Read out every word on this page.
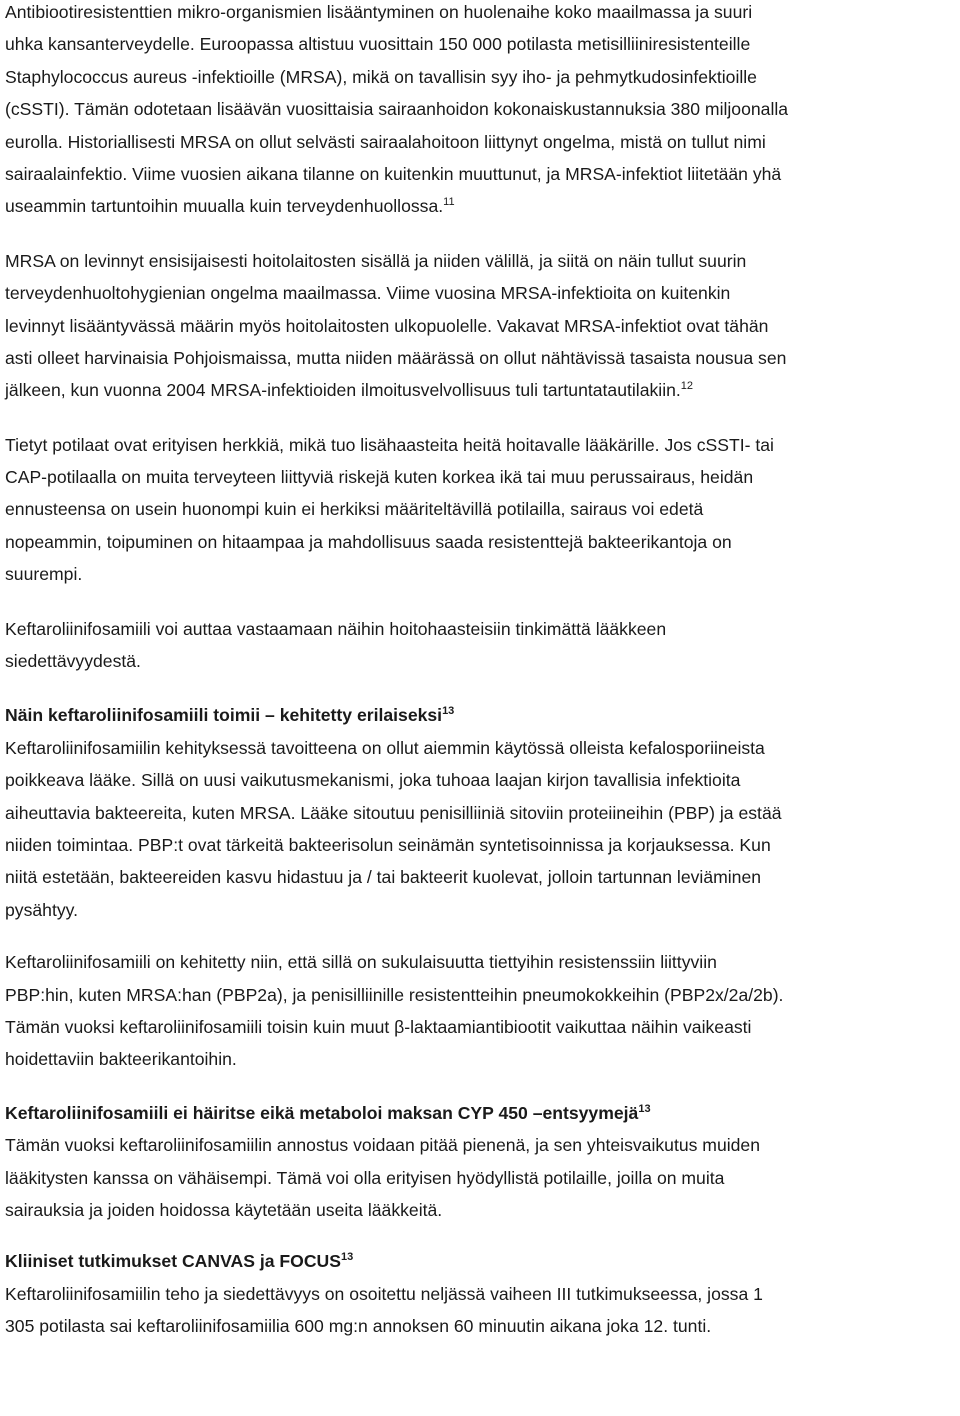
Antibiootiresistenttien mikro-organismien lisääntyminen on huolenaihe koko maailmassa ja suuri
uhka kansanterveydelle. Euroopassa altistuu vuosittain 150 000 potilasta metisilliiniresistenteille
Staphylococcus aureus -infektioille (MRSA), mikä on tavallisin syy iho- ja pehmytkudosinfektioille
(cSSTI). Tämän odotetaan lisäävän vuosittaisia sairaanhoidon kokonaiskustannuksia 380 miljoonalla
eurolla. Historiallisesti MRSA on ollut selvästi sairaalahoitoon liittynyt ongelma, mistä on tullut nimi
sairaalainfektio. Viime vuosien aikana tilanne on kuitenkin muuttunut, ja MRSA-infektiot liitetään yhä
useammin tartuntoihin muualla kuin terveydenhuollossa.$^{11}$
MRSA on levinnyt ensisijaisesti hoitolaitosten sisällä ja niiden välillä, ja siitä on näin tullut suurin
terveydenhuoltohygienian ongelma maailmassa. Viime vuosina MRSA-infektioita on kuitenkin
levinnyt lisääntyvässä määrin myös hoitolaitosten ulkopuolelle. Vakavat MRSA-infektiot ovat tähän
asti olleet harvinaisia Pohjoismaissa, mutta niiden määrässä on ollut nähtävissä tasaista nousua sen
jälkeen, kun vuonna 2004 MRSA-infektioiden ilmoitusvelvollisuus tuli tartuntatautilakiin.$^{12}$
Tietyt potilaat ovat erityisen herkkiä, mikä tuo lisähaasteita heitä hoitavalle lääkärille. Jos cSSTI- tai
CAP-potilaalla on muita terveyteen liittyviä riskejä kuten korkea ikä tai muu perussairaus, heidän
ennusteensa on usein huonompi kuin ei herkiksi määriteltävillä potilailla, sairaus voi edetä
nopeammin, toipuminen on hitaampaa ja mahdollisuus saada resistenttejä bakteerikantoja on
suurempi.
Keftaroliinifosamiili voi auttaa vastaamaan näihin hoitohaasteisiin tinkimättä lääkkeen
siedettävyydestä.
Näin keftaroliinifosamiili toimii – kehitetty erilaiseksi$^{13}$
Keftaroliinifosamiilin kehityksessä tavoitteena on ollut aiemmin käytössä olleista kefalosporiineista
poikkeava lääke. Sillä on uusi vaikutusmekanismi, joka tuhoaa laajan kirjon tavallisia infektioita
aiheuttavia bakteereita, kuten MRSA. Lääke sitoutuu penisilliiniä sitoviin proteiineihin (PBP) ja estää
niiden toimintaa. PBP:t ovat tärkeitä bakteerisolun seinämän syntetisoinnissa ja korjauksessa. Kun
niitä estetään, bakteereiden kasvu hidastuu ja / tai bakteerit kuolevat, jolloin tartunnan leviäminen
pysähtyy.
Keftaroliinifosamiili on kehitetty niin, että sillä on sukulaisuutta tiettyihin resistenssiin liittyviin
PBP:hin, kuten MRSA:han (PBP2a), ja penisilliinille resistentteihin pneumokokkeihin (PBP2x/2a/2b).
Tämän vuoksi keftaroliinifosamiili toisin kuin muut β-laktaamiantibiootit vaikuttaa näihin vaikeasti
hoidettaviin bakteerikantoihin.
Keftaroliinifosamiili ei häiritse eikä metaboloi maksan CYP 450 –entsyymejä$^{13}$
Tämän vuoksi keftaroliinifosamiilin annostus voidaan pitää pienenä, ja sen yhteisvaikutus muiden
lääkitysten kanssa on vähäisempi. Tämä voi olla erityisen hyödyllistä potilaille, joilla on muita
sairauksia ja joiden hoidossa käytetään useita lääkkeitä.
Kliiniset tutkimukset CANVAS ja FOCUS$^{13}$
Keftaroliinifosamiilin teho ja siedettävyys on osoitettu neljässä vaiheen III tutkimukseessa, jossa 1
305 potilasta sai keftaroliinifosamiilia 600 mg:n annoksen 60 minuutin aikana joka 12. tunti.
